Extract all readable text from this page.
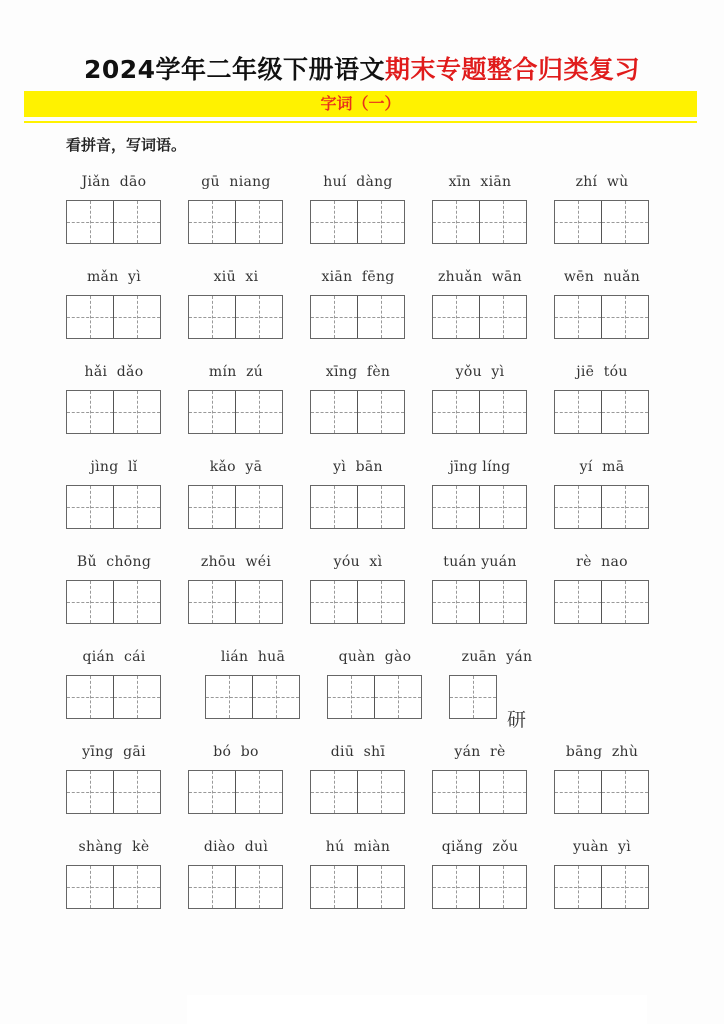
2024学年二年级下册语文期末专题整合归类复习
字词（一）
看拼音，写词语。
Jiǎn  dāo	gū  niang	huí  dàng	xīn  xiān	zhí  wù
mǎn  yì	xiū  xi	xiān  fēng	zhuǎn  wān	wēn  nuǎn
hǎi  dǎo	mín  zú	xīng  fèn	yǒu  yì	jiē  tóu
jìng  lǐ	kǎo  yā	yì  bān	jīng líng	yí  mā
Bǔ  chōng	zhōu  wéi	yóu  xì	tuán yuán	rè  nao
qián  cái	lián  huā	quàn  gào	zuān  yán
研
yīng  gāi	bó  bo	diū  shī	yán  rè	bāng  zhù
shàng  kè	diào  duì	hú  miàn	qiǎng  zǒu	yuàn  yì
